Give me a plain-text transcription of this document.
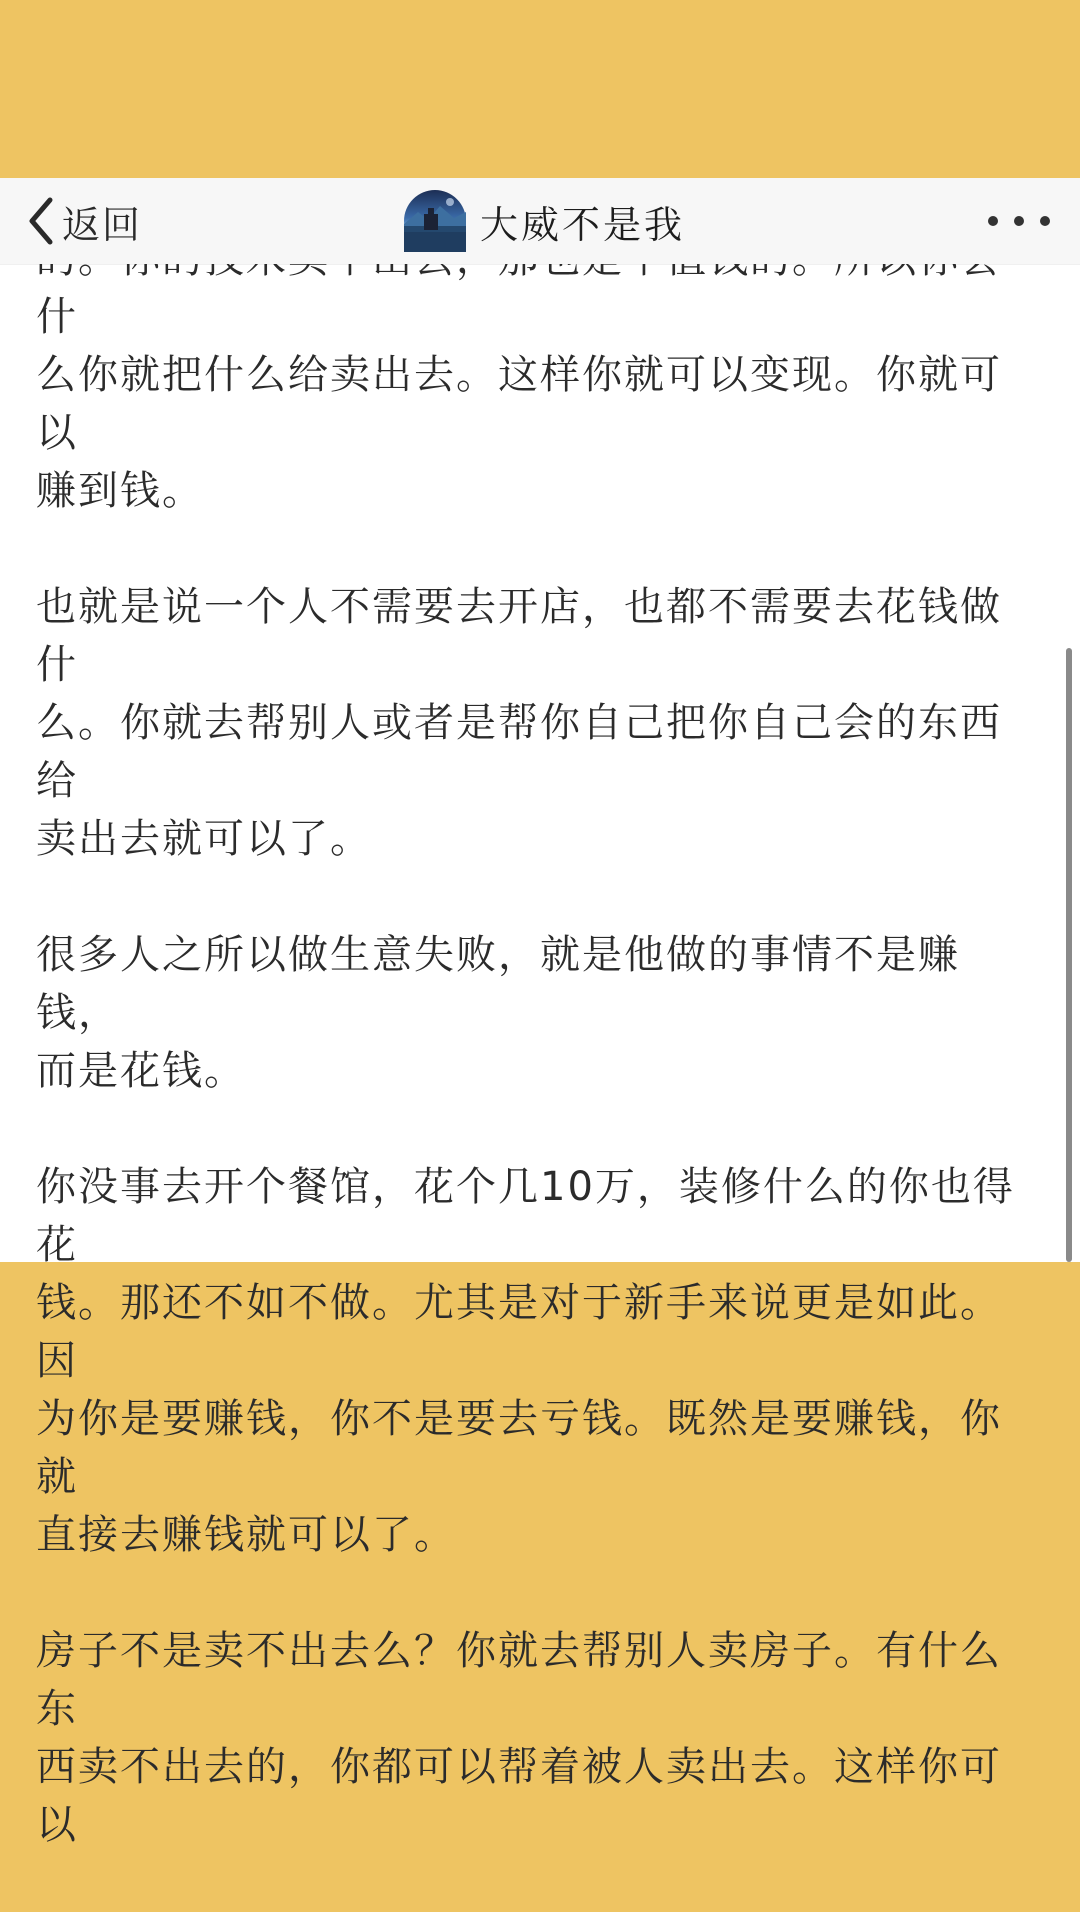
什
么你就把什么给卖出去。这样你就可以变现。你就可以
赚到钱。

也就是说一个人不需要去开店，也都不需要去花钱做什
么。你就去帮别人或者是帮你自己把你自己会的东西给
卖出去就可以了。

很多人之所以做生意失败，就是他做的事情不是赚钱，
而是花钱。

你没事去开个餐馆，花个几10万，装修什么的你也得花
钱。那还不如不做。尤其是对于新手来说更是如此。因
为你是要赚钱，你不是要去亏钱。既然是要赚钱，你就
直接去赚钱就可以了。

房子不是卖不出去么？你就去帮别人卖房子。有什么东
西卖不出去的，你都可以帮着被人卖出去。这样你可以

返回	大威不是我
